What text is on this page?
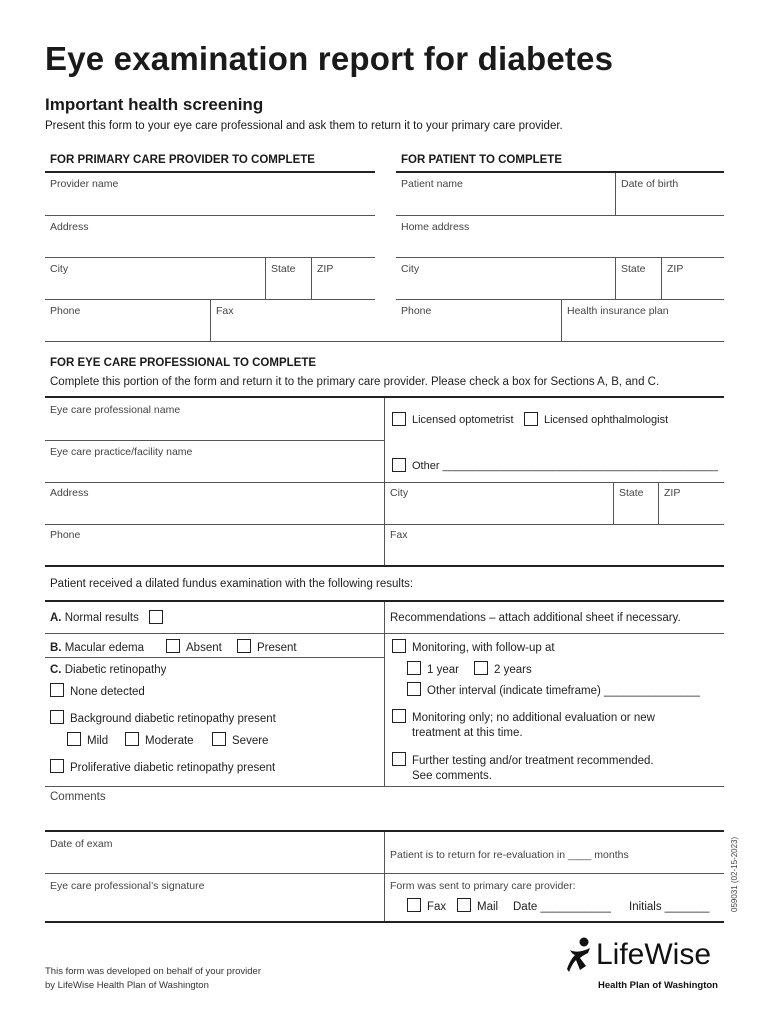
Eye examination report for diabetes
Important health screening
Present this form to your eye care professional and ask them to return it to your primary care provider.
FOR PRIMARY CARE PROVIDER TO COMPLETE	FOR PATIENT TO COMPLETE
Provider name	Patient name	Date of birth
Address	Home address
City	State ZIP	City	State ZIP
Phone	Fax	Phone	Health insurance plan
FOR EYE CARE PROFESSIONAL TO COMPLETE
Complete this portion of the form and return it to the primary care provider. Please check a box for Sections A, B, and C.
Eye care professional name
Licensed optometrist	Licensed ophthalmologist
Eye care practice/facility name
Other _____________________________________________
Address	City	State ZIP
Phone	Fax
Patient received a dilated fundus examination with the following results:
A. Normal results
B. Macular edema	Absent	Present
C. Diabetic retinopathy
None detected
Background diabetic retinopathy present
Mild	Moderate	Severe
Proliferative diabetic retinopathy present
Recommendations – attach additional sheet if necessary.
Monitoring, with follow-up at
1 year	2 years
Other interval (indicate timeframe) _______________
Monitoring only; no additional evaluation or new
treatment at this time.
Further testing and/or treatment recommended.
See comments.
Comments
Date of exam
Patient is to return for re-evaluation in ____ months
Eye care professional’s signature	Form was sent to primary care provider:
Fax	Mail Date ___________ Initials _______	059031 (02-15-2023)
This form was developed on behalf of your provider
by LifeWise Health Plan of Washington
LifeWise
Health Plan of Washington
